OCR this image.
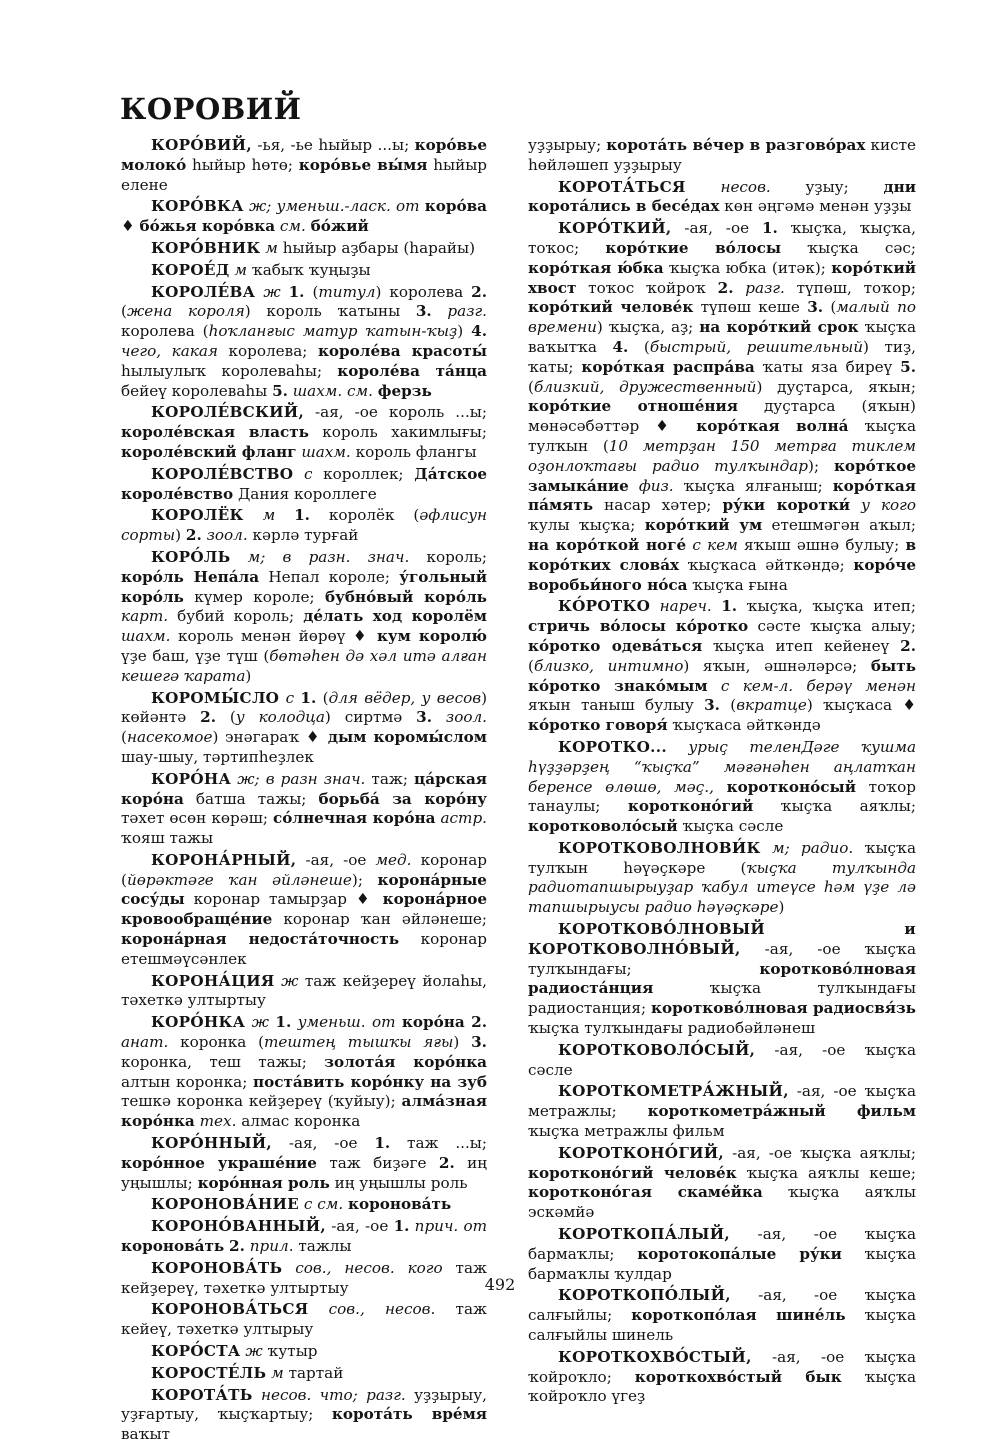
КОРОВИЙ

КОРО́ВИЙ, -ья, -ье һыйыр ...ы; коро́вье молоко́ һыйыр һөтө; коро́вье вы́мя һыйыр елене

КОРО́ВКА ж; уменьш.-ласк. от коро́ва ♦ бо́жья коро́вка см. бо́жий

КОРО́ВНИК м һыйыр аҙбары (һарайы)

КОРОЕ́Д м ҡабыҡ ҡуңыҙы

КОРОЛЕ́ВА ж 1. (титул) королева 2. (жена короля) король ҡатыны 3. разг. королева (һоҡланғыс матур ҡатын-ҡыҙ) 4. чего, какая королева; короле́ва красоты́ һылыулыҡ королеваһы; короле́ва та́нца бейеү королеваһы 5. шахм. см. ферзь

КОРОЛЕ́ВСКИЙ, -ая, -ое король ...ы; короле́вская власть король хакимлығы; короле́вский фланг шахм. король флангы

КОРОЛЕ́ВСТВО с короллек; Да́тское короле́вство Дания короллеге

КОРОЛЁК м 1. королёк (әфлисун сорты) 2. зоол. кәрлә турғай

КОРО́ЛЬ м; в разн. знач. король; коро́ль Непа́ла Непал короле; у́гольный коро́ль күмер короле; бубно́вый коро́ль карт. бубий король; де́лать ход королём шахм. король менән йөрөү ♦ кум королю́ үҙе баш, үҙе түш (бөтәһен дә хәл итә алған кешегә ҡарата)

КОРОМЫ́СЛО с 1. (для вёдер, у весов) көйәнтә 2. (у колодца) сиртмә 3. зоол. (насекомое) энәгараҡ ♦ дым коромы́слом шау-шыу, тәртипһеҙлек

КОРО́НА ж; в разн знач. таж; ца́рская коро́на батша тажы; борьба́ за коро́ну тәхет өсөн көрәш; со́лнечная коро́на астр. ҡояш тажы

КОРОНА́РНЫЙ, -ая, -ое мед. коронар (йөрәктәге ҡан әйләнеше); корона́рные сосу́ды коронар тамырҙар ♦ корона́рное кровообраще́ние коронар ҡан әйләнеше; корона́рная недоста́точность коронар етешмәүсәнлек

КОРОНА́ЦИЯ ж таж кейҙереү йолаһы, тәхеткә ултыртыу

КОРО́НКА ж 1. уменьш. от коро́на 2. анат. коронка (тештең тышҡы яғы) 3. коронка, теш тажы; золота́я коро́нка алтын коронка; поста́вить коро́нку на зуб тешкә коронка кейҙереү (ҡуйыу); алма́зная коро́нка тех. алмас коронка

КОРО́ННЫЙ, -ая, -ое 1. таж ...ы; коро́нное украше́ние таж биҙәге 2. иң уңышлы; коро́нная роль иң уңышлы роль

КОРОНОВА́НИЕ с см. коронова́ть

КОРОНО́ВАННЫЙ, -ая, -ое 1. прич. от коронова́ть 2. прил. тажлы

КОРОНОВА́ТЬ сов., несов. кого таж кейҙереү, тәхеткә ултыртыу

КОРОНОВА́ТЬСЯ сов., несов. таж кейеү, тәхеткә ултырыу

КОРО́СТА ж ҡутыр

КОРОСТЕ́ЛЬ м тартай

КОРОТА́ТЬ несов. что; разг. уҙҙырыу, уҙғартыу, ҡыҫҡартыу; корота́ть вре́мя ваҡыт

уҙҙырыу; корота́ть ве́чер в разгово́рах кисте һөйләшеп уҙҙырыу

КОРОТА́ТЬСЯ несов. уҙыу; дни корота́лись в бесе́дах көн әңгәмә менән уҙҙы

КОРО́ТКИЙ, -ая, -ое 1. ҡыҫҡа, ҡыҫҡа, тоҡос; коро́ткие во́лосы ҡыҫҡа сәс; коро́ткая ю́бка ҡыҫҡа юбка (итәк); коро́ткий хвост тоҡос ҡойроҡ 2. разг. түпөш, тоҡор; коро́ткий челове́к түпөш кеше 3. (малый по времени) ҡыҫҡа, аҙ; на коро́ткий срок ҡыҫҡа ваҡытҡа 4. (быстрый, решительный) тиҙ, ҡаты; коро́ткая распра́ва ҡаты яза биреү 5. (близкий, дружественный) дуҫтарса, яҡын; коро́ткие отноше́ния дуҫтарса (яҡын) мөнәсәбәттәр ♦ коро́ткая волна́ ҡыҫҡа тулҡын (10 метрҙан 150 метрға тиклем оҙонлоҡтағы радио тулҡындар); коро́ткое замыка́ние физ. ҡыҫҡа ялғаныш; коро́ткая па́мять насар хәтер; ру́ки коротки́ у кого ҡулы ҡыҫҡа; коро́ткий ум етешмәгән аҡыл; на коро́ткой ноге́ с кем яҡыш әшнә булыу; в коро́тких слова́х ҡыҫҡаса әйткәндә; коро́че воробьи́ного но́са ҡыҫҡа ғына

КО́РОТКО нареч. 1. ҡыҫҡа, ҡыҫҡа итеп; стричь во́лосы ко́ротко сәсте ҡыҫҡа алыу; ко́ротко одева́ться ҡыҫҡа итеп кейенеү 2. (близко, интимно) яҡын, әшнәләрсә; быть ко́ротко знако́мым с кем-л. берәү менән яҡын таныш булыу 3. (вкратце) ҡыҫҡаса ♦ ко́ротко говоря́ ҡыҫҡаса әйткәндә

КОРОТКО... урыҫ теленДәге ҡушма һүҙҙәрҙең “ҡыҫҡа” мәғәнәһен аңлатҡан беренсе өлөшө, мәҫ., коротконо́сый тоҡор танаулы; коротконо́гий ҡыҫҡа аяҡлы; коротковоло́сый ҡыҫҡа сәсле

КОРОТКОВОЛНОВИ́К м; радио. ҡыҫҡа тулҡын һәүәҫкәре (ҡыҫҡа тулҡында радиотапшырыуҙар ҡабул итеүсе һәм үҙе лә тапшырыусы радио һәүәҫкәре)

КОРОТКОВО́ЛНОВЫЙ и КОРОТКОВОЛНО́ВЫЙ, -ая, -ое ҡыҫҡа тулҡындағы; коротково́лновая радиоста́нция ҡыҫҡа тулҡындағы радиостанция; коротково́лновая радиосвя́зь ҡыҫҡа тулҡындағы радиобәйләнеш

КОРОТКОВОЛО́СЫЙ, -ая, -ое ҡыҫҡа сәсле

КОРОТКОМЕТРА́ЖНЫЙ, -ая, -ое ҡыҫҡа метражлы; короткометра́жный фильм ҡыҫҡа метражлы фильм

КОРОТКОНО́ГИЙ, -ая, -ое ҡыҫҡа аяҡлы; коротконо́гий челове́к ҡыҫҡа аяҡлы кеше; коротконо́гая скаме́йка ҡыҫҡа аяҡлы эскәмйә

КОРОТКОПА́ЛЫЙ, -ая, -ое ҡыҫҡа бармаҡлы; коротокопа́лые ру́ки ҡыҫҡа бармаҡлы ҡулдар

КОРОТКОПО́ЛЫЙ, -ая, -ое ҡыҫҡа салғыйлы; короткопо́лая шине́ль ҡыҫҡа салғыйлы шинель

КОРОТКОХВО́СТЫЙ, -ая, -ое ҡыҫҡа ҡойроҡло; короткохво́стый бык ҡыҫҡа ҡойроҡло үгеҙ

492
